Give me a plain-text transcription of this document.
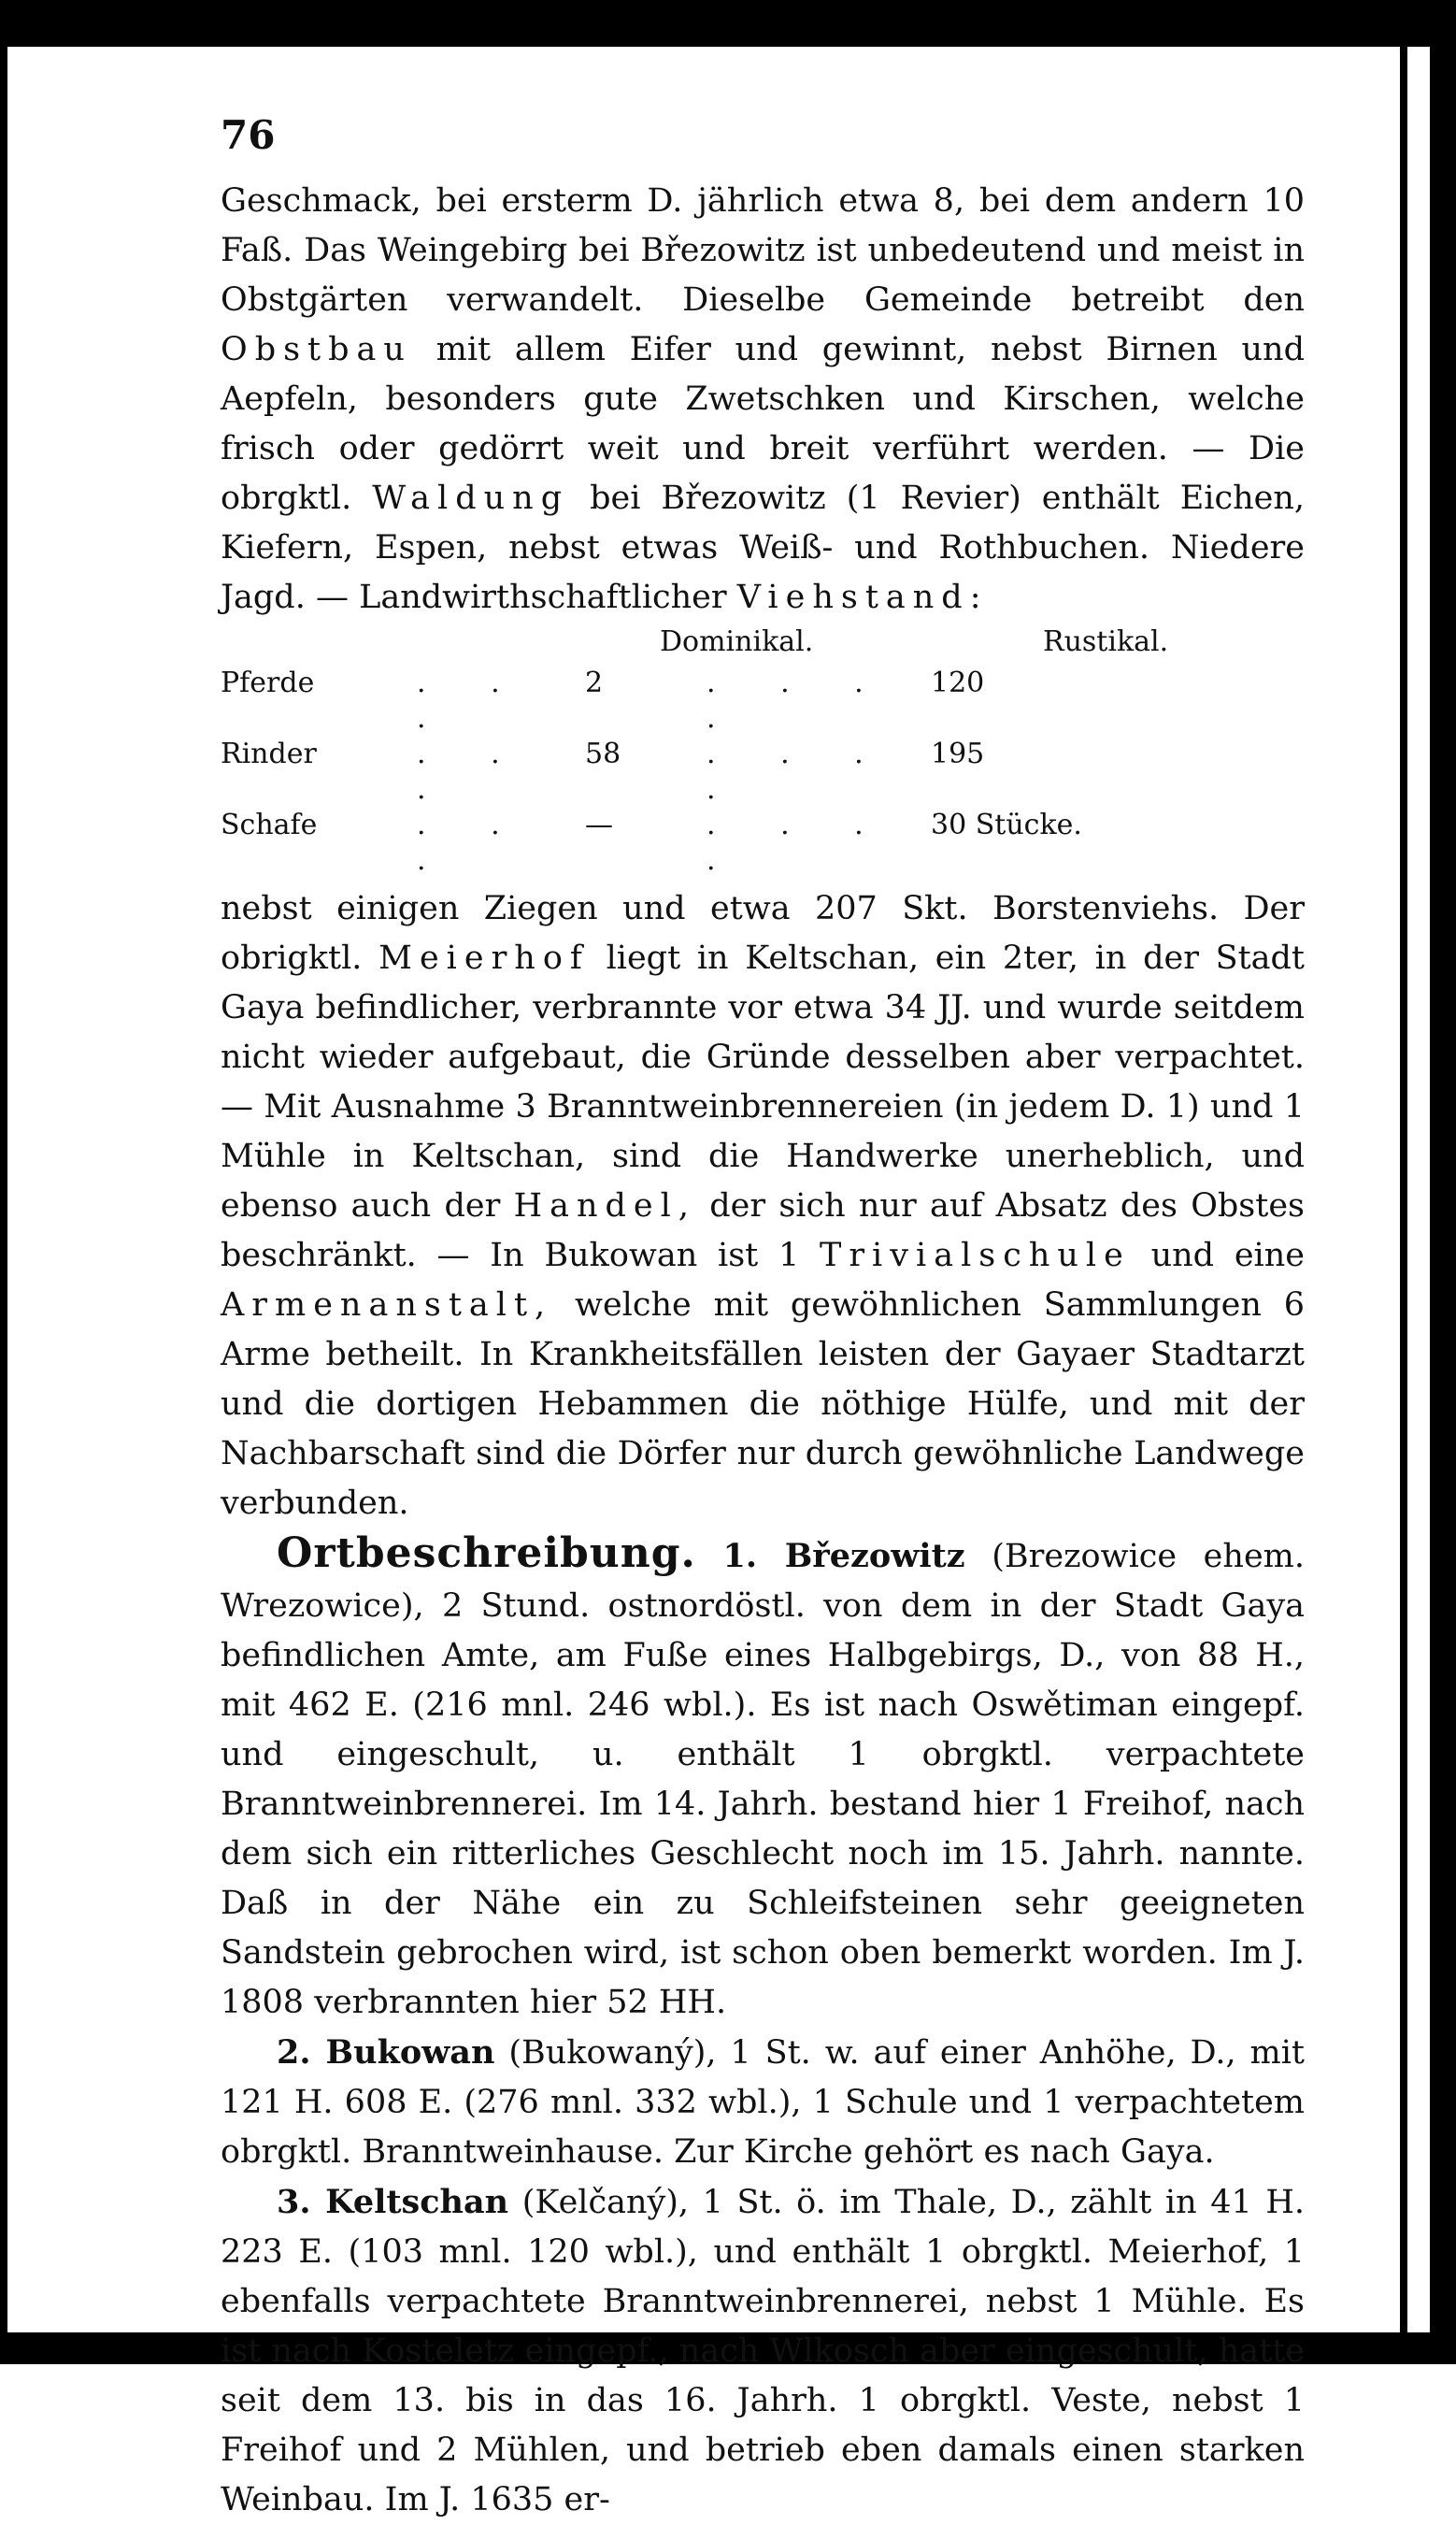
76

Geschmack, bei ersterm D. jährlich etwa 8, bei dem andern 10 Faß. Das Weingebirg bei Březowitz ist unbedeutend und meist in Obstgärten verwandelt. Dieselbe Gemeinde betreibt den Obstbau mit allem Eifer und gewinnt, nebst Birnen und Aepfeln, besonders gute Zwetschken und Kirschen, welche frisch oder gedörrt weit und breit verführt werden. — Die obrgktl. Waldung bei Březowitz (1 Revier) enthält Eichen, Kiefern, Espen, nebst etwas Weiß- und Rothbuchen. Niedere Jagd. — Landwirthschaftlicher Viehstand:

Dominikal.	Rustikal.
Pferde	. . .	2	. . . .	120
Rinder	. . .	58	. . . .	195
Schafe	. . .	—	. . . .	30 Stücke.

nebst einigen Ziegen und etwa 207 Skt. Borstenviehs. Der obrigktl. Meierhof liegt in Keltschan, ein 2ter, in der Stadt Gaya befindlicher, verbrannte vor etwa 34 JJ. und wurde seitdem nicht wieder aufgebaut, die Gründe desselben aber verpachtet. — Mit Ausnahme 3 Branntweinbrennereien (in jedem D. 1) und 1 Mühle in Keltschan, sind die Handwerke unerheblich, und ebenso auch der Handel, der sich nur auf Absatz des Obstes beschränkt. — In Bukowan ist 1 Trivialschule und eine Armenanstalt, welche mit gewöhnlichen Sammlungen 6 Arme betheilt. In Krankheitsfällen leisten der Gayaer Stadtarzt und die dortigen Hebammen die nöthige Hülfe, und mit der Nachbarschaft sind die Dörfer nur durch gewöhnliche Landwege verbunden.

Ortbeschreibung. 1. Březowitz (Brezowice ehem. Wrezowice), 2 Stund. ostnordöstl. von dem in der Stadt Gaya befindlichen Amte, am Fuße eines Halbgebirgs, D., von 88 H., mit 462 E. (216 mnl. 246 wbl.). Es ist nach Oswětiman eingepf. und eingeschult, u. enthält 1 obrgktl. verpachtete Branntweinbrennerei. Im 14. Jahrh. bestand hier 1 Freihof, nach dem sich ein ritterliches Geschlecht noch im 15. Jahrh. nannte. Daß in der Nähe ein zu Schleifsteinen sehr geeigneten Sandstein gebrochen wird, ist schon oben bemerkt worden. Im J. 1808 verbrannten hier 52 HH.

2. Bukowan (Bukowaný), 1 St. w. auf einer Anhöhe, D., mit 121 H. 608 E. (276 mnl. 332 wbl.), 1 Schule und 1 verpachtetem obrgktl. Branntweinhause. Zur Kirche gehört es nach Gaya.

3. Keltschan (Kelčaný), 1 St. ö. im Thale, D., zählt in 41 H. 223 E. (103 mnl. 120 wbl.), und enthält 1 obrgktl. Meierhof, 1 ebenfalls verpachtete Branntweinbrennerei, nebst 1 Mühle. Es ist nach Kosteletz eingepf., nach Wlkosch aber eingeschult, hatte seit dem 13. bis in das 16. Jahrh. 1 obrgktl. Veste, nebst 1 Freihof und 2 Mühlen, und betrieb eben damals einen starken Weinbau. Im J. 1635 er-
